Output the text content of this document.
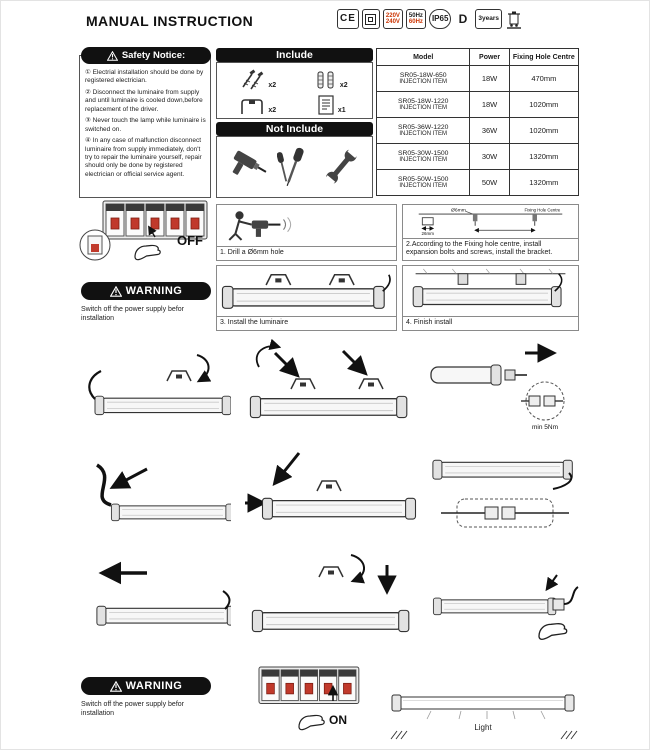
MANUAL INSTRUCTION	CE	220V
240V
50Hz
60Hz IP65 D 3years
Safety Notice:

① Electrial installation should be done by registered electrician.

② Disconnect the luminaire from supply and until luminaire is cooled down,before replacement of the driver.

③ Never touch the lamp while luminaire is switched on.

④ In any case of malfunction disconnect luminaire from supply immediately, don't try to repair the luminaire yourself, repair should only be done by registered electrician or official service agent.

Include
x2	x2
x2	x1
Not Include
Model	Power	Fixing Hole Centre

SR05-18W-650
INJECTION ITEM	18W	470mm

SR05-18W-1220
INJECTION ITEM	18W	1020mm

SR05-36W-1220
INJECTION ITEM	36W	1020mm

SR05-30W-1500
INJECTION ITEM	30W	1320mm

SR05-50W-1500
INJECTION ITEM	50W	1320mm
OFF
1. Drill a Ø6mm hole
26mm
Ø6mm	Fixing Hole Centre
2.According to the Fixing hole centre, install expansion bolts and screws, install the bracket.
3. Install the luminaire	4. Finish install
WARNING
Switch off the power supply befor installation
min 5Nm
WARNING
Switch off the power supply befor installation	ON
Light
